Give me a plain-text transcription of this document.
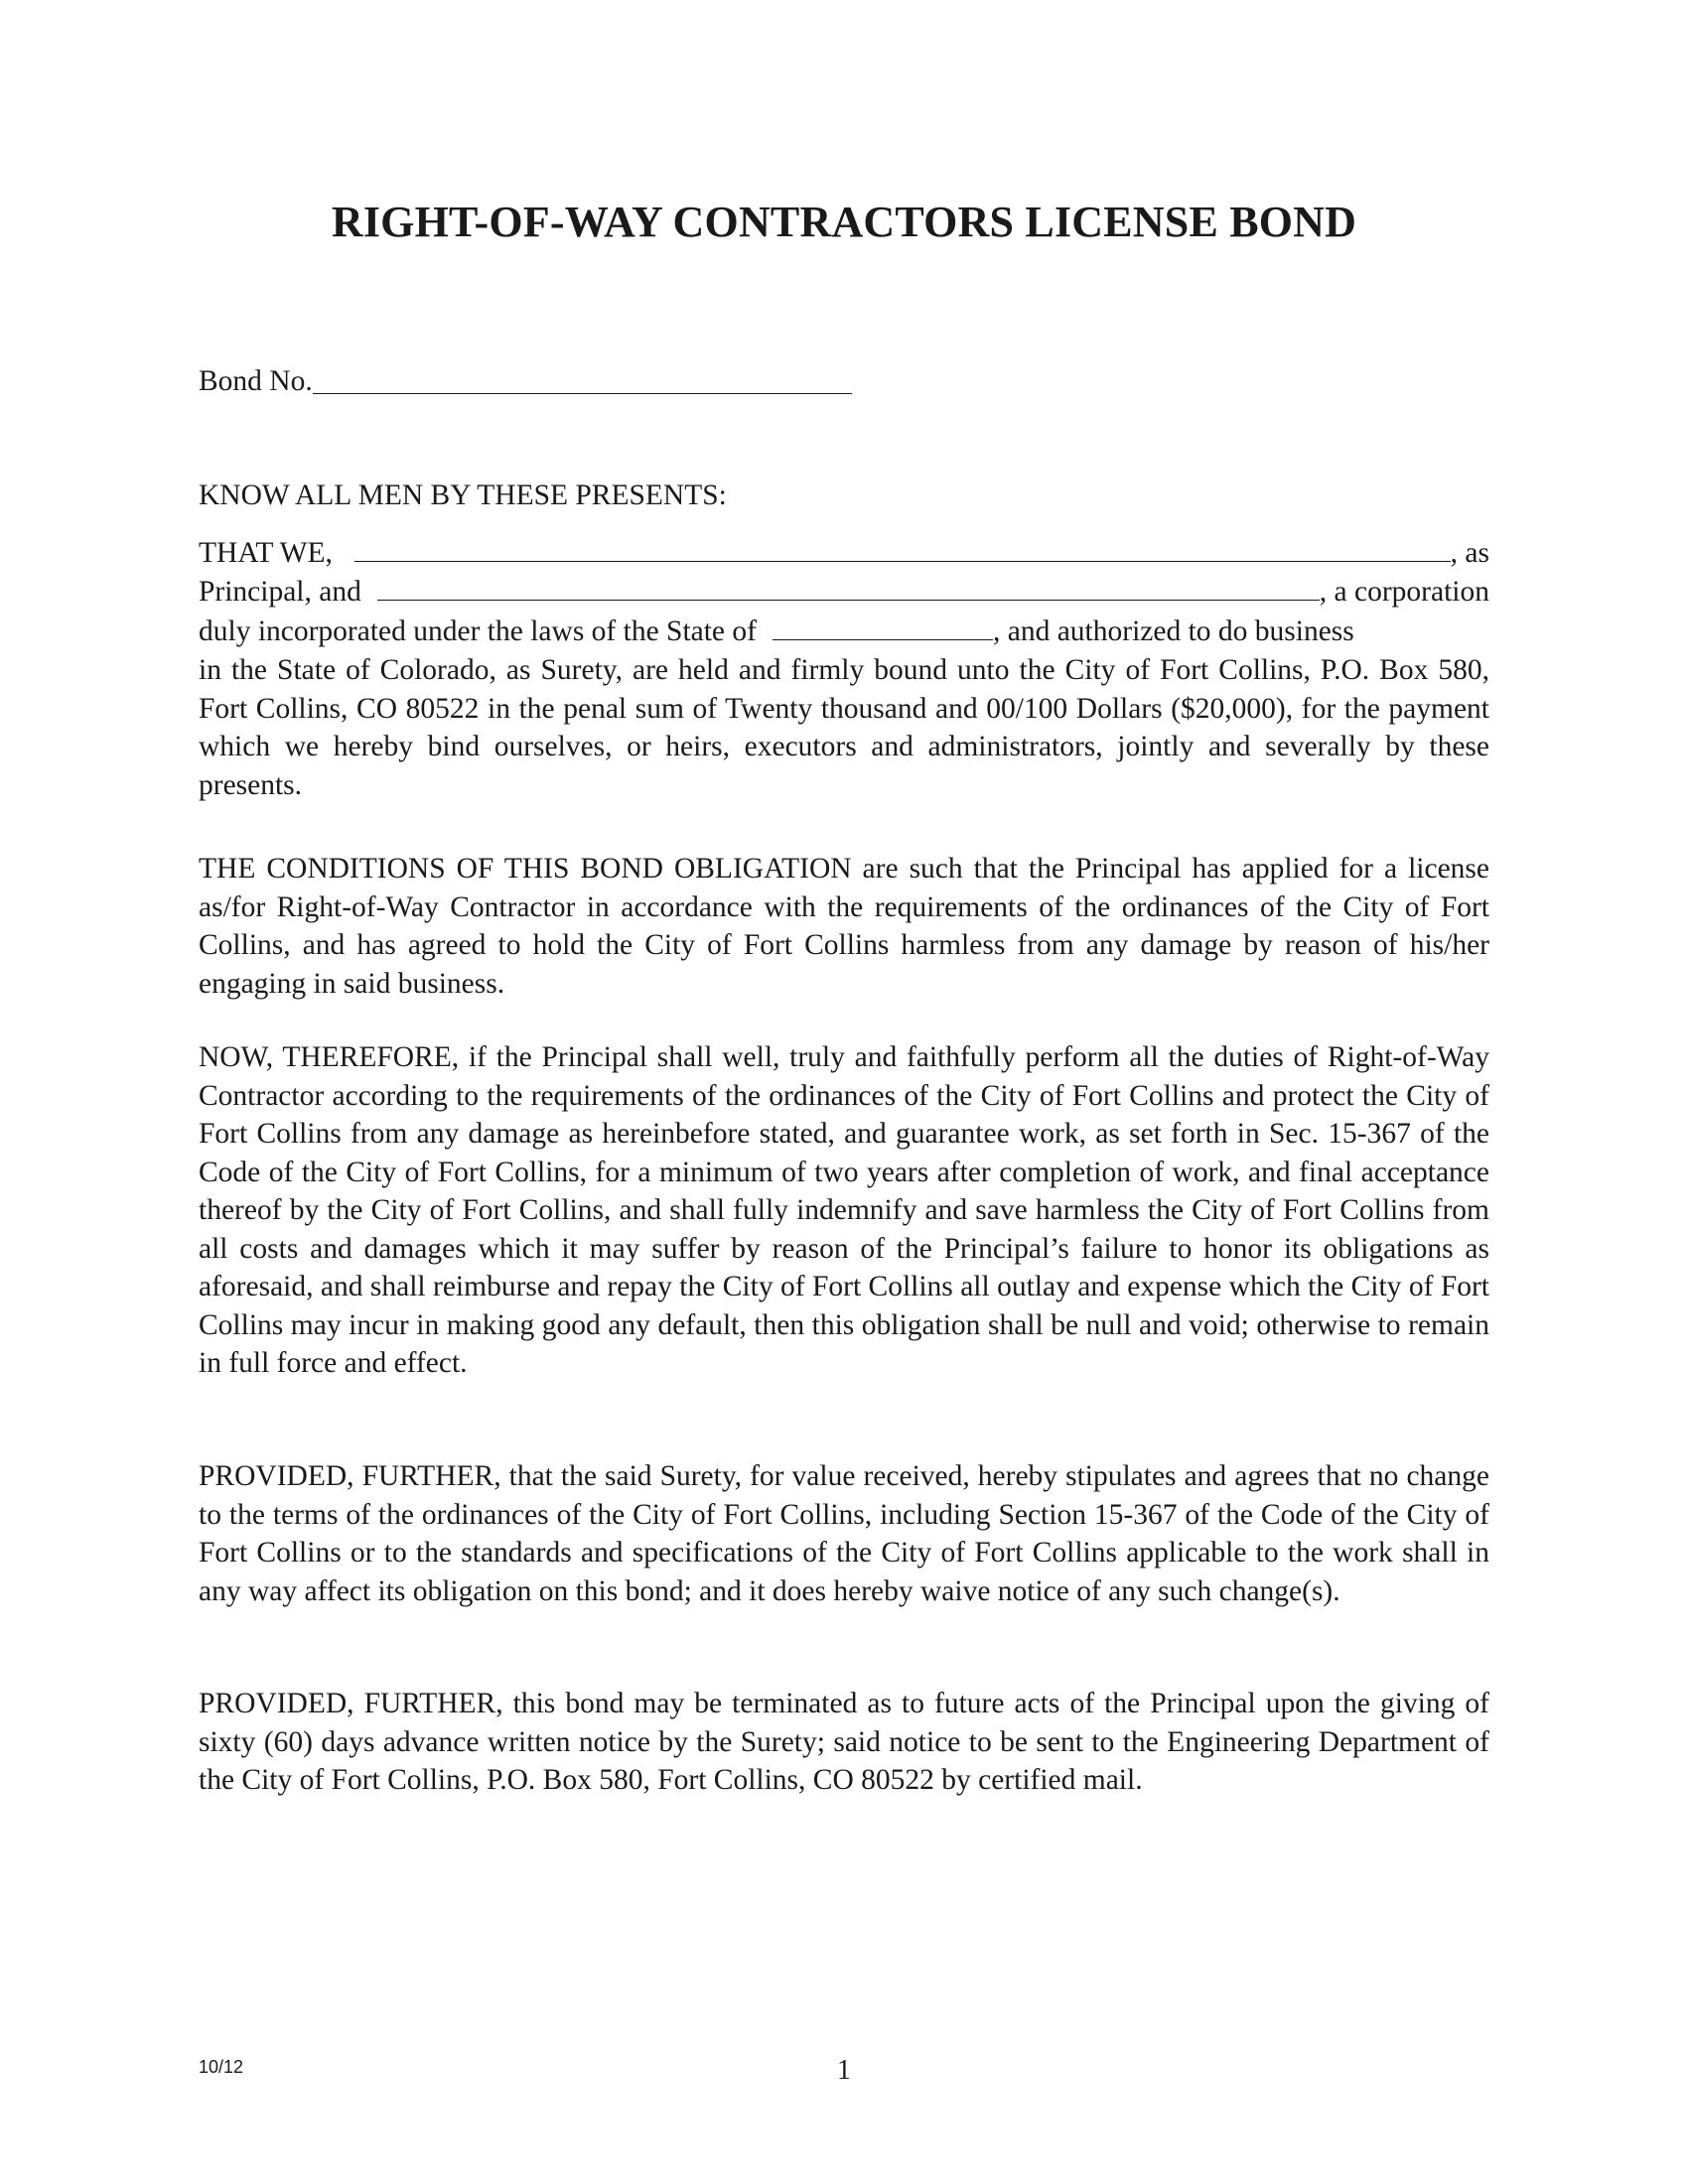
RIGHT-OF-WAY CONTRACTORS LICENSE BOND
Bond No.
KNOW ALL MEN BY THESE PRESENTS:
THAT WE,	, as
Principal, and	, a corporation
duly incorporated under the laws of the State of	, and authorized to do business
in the State of Colorado, as Surety, are held and firmly bound unto the City of Fort Collins, P.O. Box 580, Fort Collins, CO 80522 in the penal sum of Twenty thousand and 00/100 Dollars ($20,000), for the payment which we hereby bind ourselves, or heirs, executors and administrators, jointly and severally by these presents.
THE CONDITIONS OF THIS BOND OBLIGATION are such that the Principal has applied for a license as/for Right-of-Way Contractor in accordance with the requirements of the ordinances of the City of Fort Collins, and has agreed to hold the City of Fort Collins harmless from any damage by reason of his/her engaging in said business.
NOW, THEREFORE, if the Principal shall well, truly and faithfully perform all the duties of Right-of-Way Contractor according to the requirements of the ordinances of the City of Fort Collins and protect the City of Fort Collins from any damage as hereinbefore stated, and guarantee work, as set forth in Sec. 15-367 of the Code of the City of Fort Collins, for a minimum of two years after completion of work, and final acceptance thereof by the City of Fort Collins, and shall fully indemnify and save harmless the City of Fort Collins from all costs and damages which it may suffer by reason of the Principal’s failure to honor its obligations as aforesaid, and shall reimburse and repay the City of Fort Collins all outlay and expense which the City of Fort Collins may incur in making good any default, then this obligation shall be null and void; otherwise to remain in full force and effect.
PROVIDED, FURTHER, that the said Surety, for value received, hereby stipulates and agrees that no change to the terms of the ordinances of the City of Fort Collins, including Section 15-367 of the Code of the City of Fort Collins or to the standards and specifications of the City of Fort Collins applicable to the work shall in any way affect its obligation on this bond; and it does hereby waive notice of any such change(s).
PROVIDED, FURTHER, this bond may be terminated as to future acts of the Principal upon the giving of sixty (60) days advance written notice by the Surety; said notice to be sent to the Engineering Department of the City of Fort Collins, P.O. Box 580, Fort Collins, CO 80522 by certified mail.
10/12	1
